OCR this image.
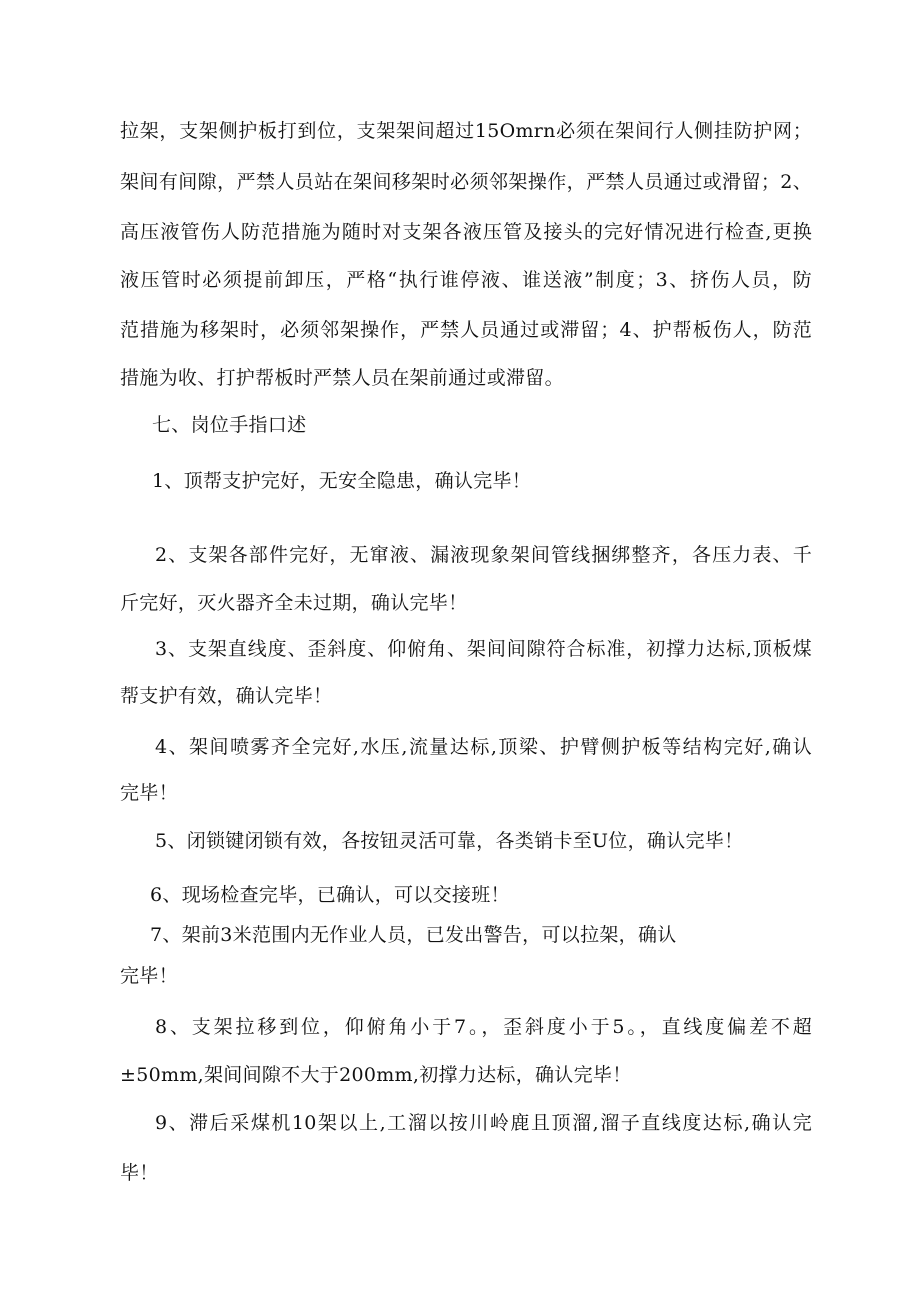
拉架，支架侧护板打到位，支架架间超过15Omrn必须在架间行人侧挂防护网；
架间有间隙，严禁人员站在架间移架时必须邻架操作，严禁人员通过或滑留；2、
高压液管伤人防范措施为随时对支架各液压管及接头的完好情况进行检查,更换
液压管时必须提前卸压，严格“执行谁停液、谁送液”制度；3、挤伤人员，防
范措施为移架时，必须邻架操作，严禁人员通过或滞留；4、护帮板伤人，防范
措施为收、打护帮板时严禁人员在架前通过或滞留。
七、岗位手指口述
1、顶帮支护完好，无安全隐患，确认完毕！
2、支架各部件完好，无窜液、漏液现象架间管线捆绑整齐，各压力表、千
斤完好，灭火器齐全未过期，确认完毕！
3、支架直线度、歪斜度、仰俯角、架间间隙符合标准，初撑力达标,顶板煤
帮支护有效，确认完毕！
4、架间喷雾齐全完好,水压,流量达标,顶梁、护臂侧护板等结构完好,确认
完毕！
5、闭锁键闭锁有效，各按钮灵活可靠，各类销卡至U位，确认完毕！
6、现场检查完毕，已确认，可以交接班！
7、架前3米范围内无作业人员，已发出警告，可以拉架，确认
完毕！
8、支架拉移到位，仰俯角小于7。，歪斜度小于5。，直线度偏差不超
±50mm,架间间隙不大于200mm,初撑力达标，确认完毕！
9、滞后采煤机10架以上,工溜以按川岭鹿且顶溜,溜子直线度达标,确认完
毕！
